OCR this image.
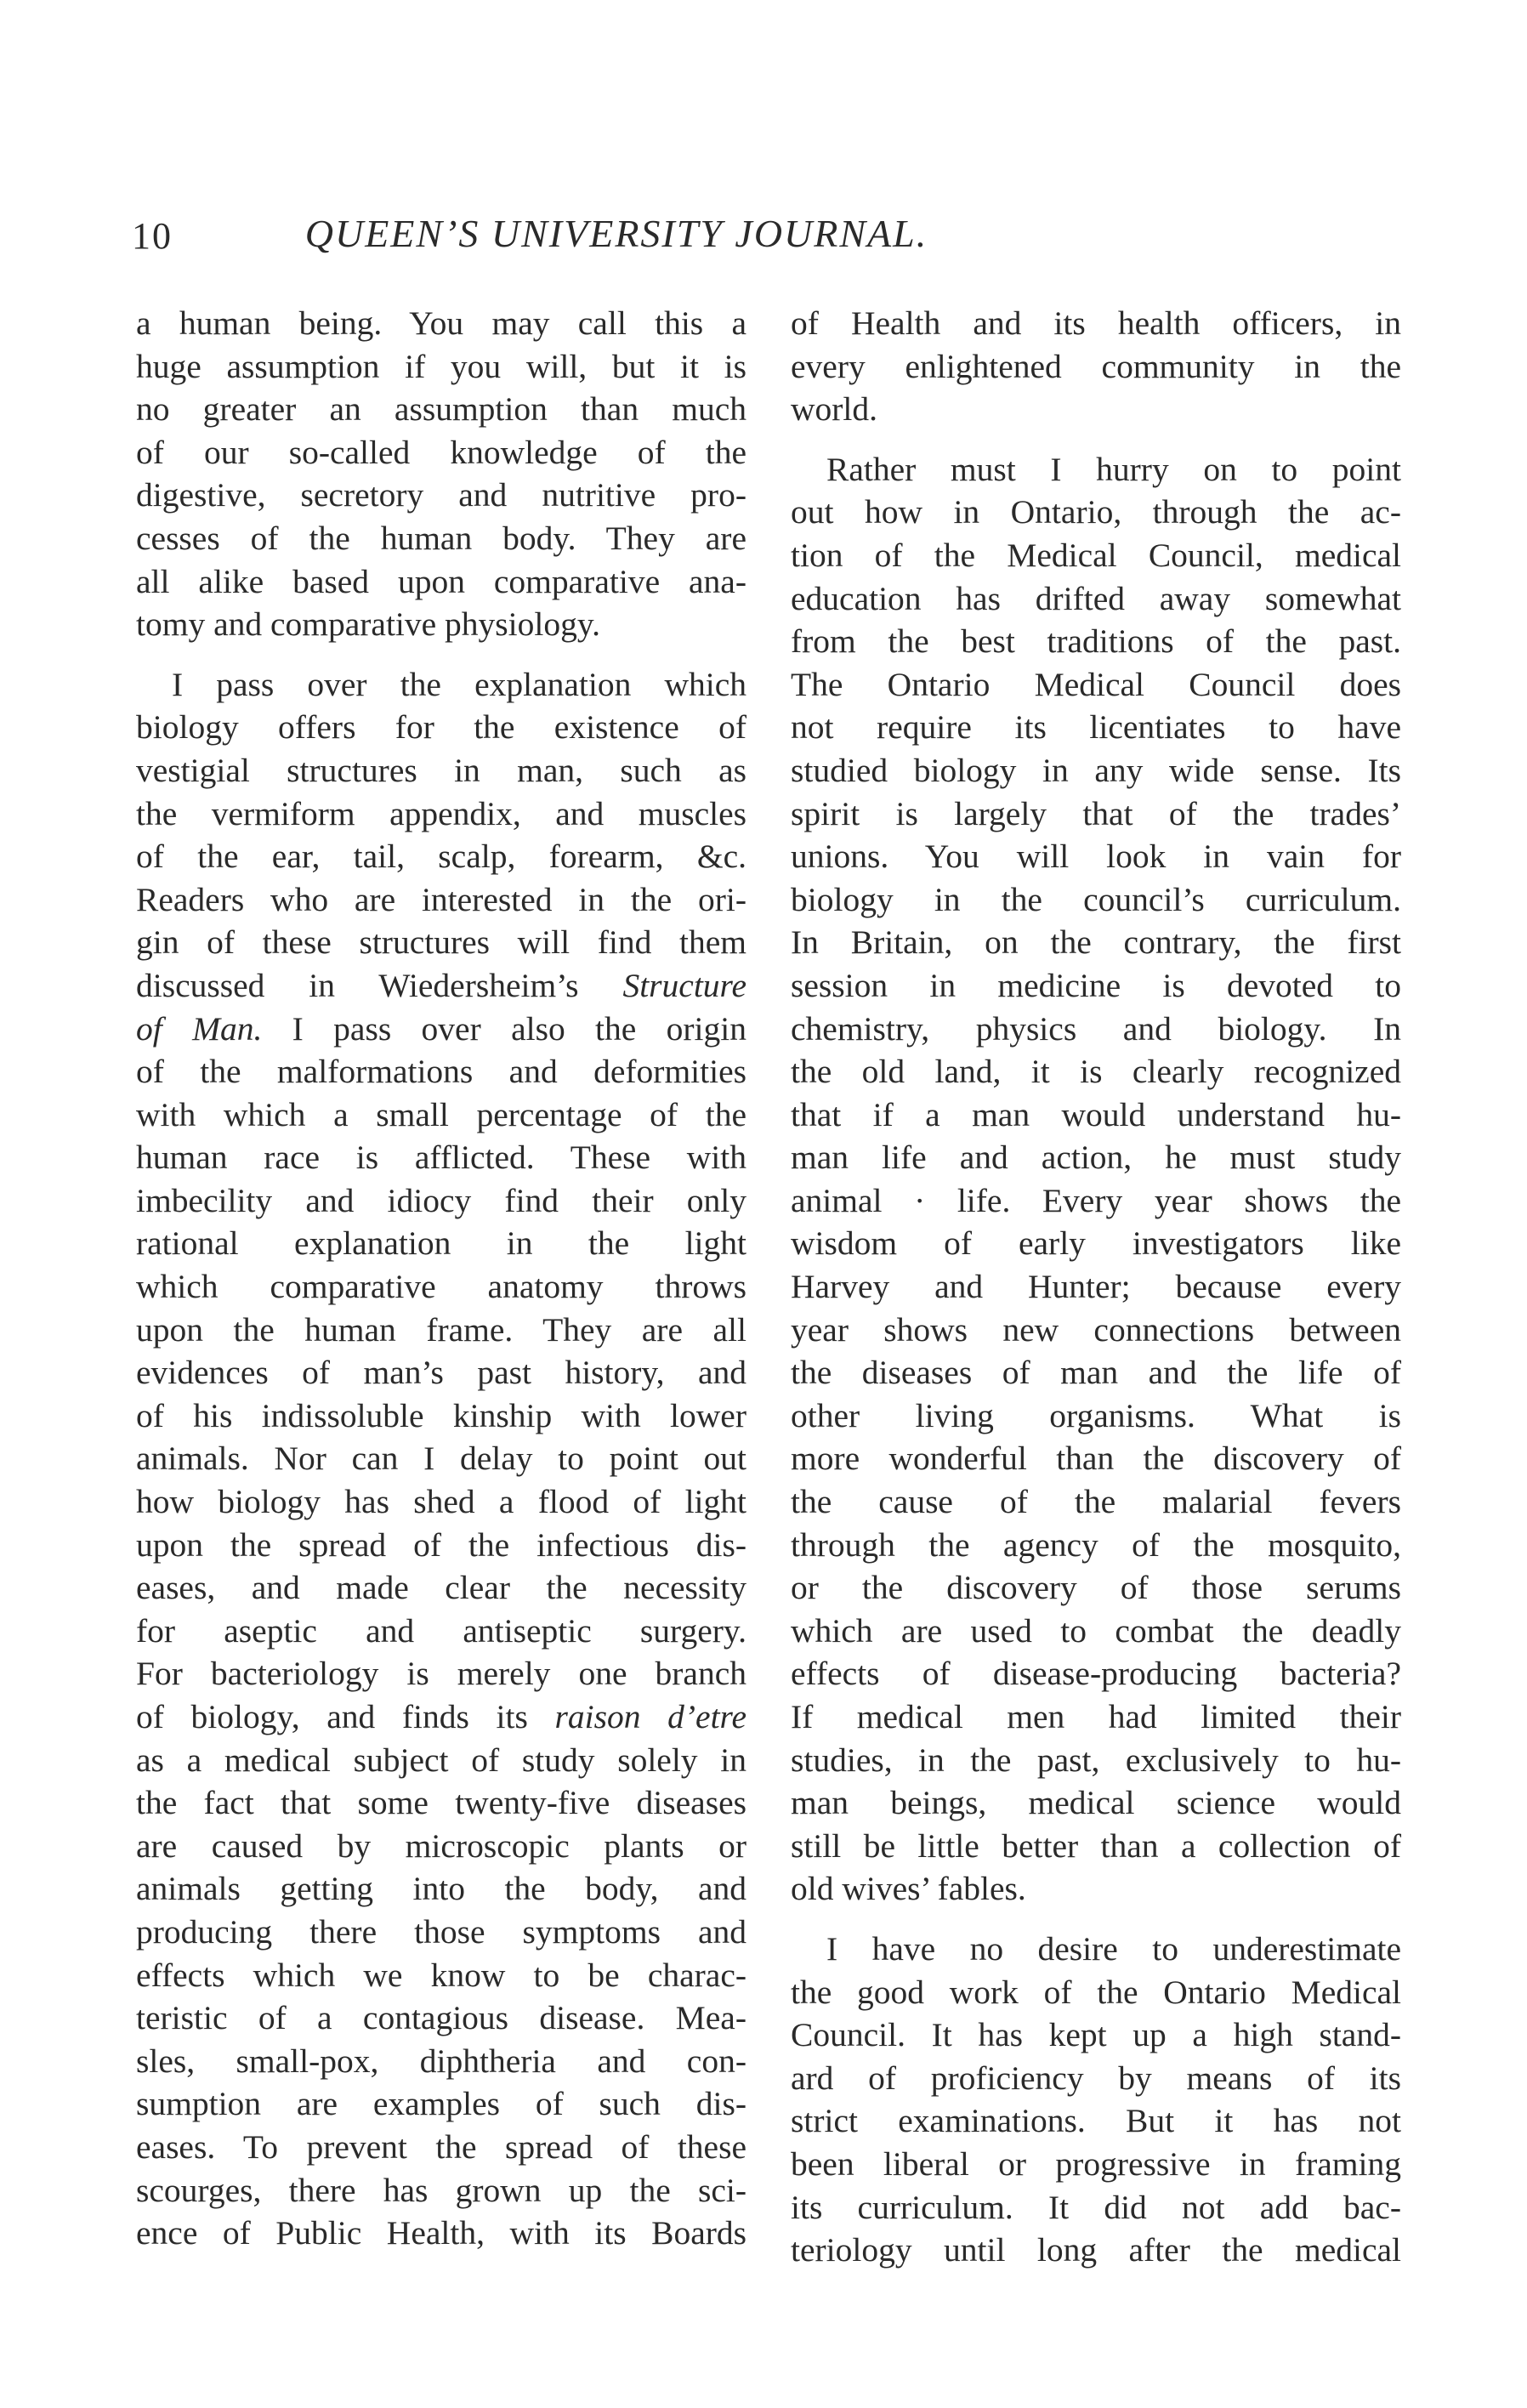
10	QUEEN’S UNIVERSITY JOURNAL.
a human being. You may call this a
huge assumption if you will, but it is
no greater an assumption than much
of our so-called knowledge of the
digestive, secretory and nutritive pro-
cesses of the human body. They are
all alike based upon comparative ana-
tomy and comparative physiology.
I pass over the explanation which
biology offers for the existence of
vestigial structures in man, such as
the vermiform appendix, and muscles
of the ear, tail, scalp, forearm, &c.
Readers who are interested in the ori-
gin of these structures will find them
discussed in Wiedersheim’s Structure
of Man. I pass over also the origin
of the malformations and deformities
with which a small percentage of the
human race is afflicted. These with
imbecility and idiocy find their only
rational explanation in the light
which comparative anatomy throws
upon the human frame. They are all
evidences of man’s past history, and
of his indissoluble kinship with lower
animals. Nor can I delay to point out
how biology has shed a flood of light
upon the spread of the infectious dis-
eases, and made clear the necessity
for aseptic and antiseptic surgery.
For bacteriology is merely one branch
of biology, and finds its raison d’etre
as a medical subject of study solely in
the fact that some twenty-five diseases
are caused by microscopic plants or
animals getting into the body, and
producing there those symptoms and
effects which we know to be charac-
teristic of a contagious disease. Mea-
sles, small-pox, diphtheria and con-
sumption are examples of such dis-
eases. To prevent the spread of these
scourges, there has grown up the sci-
ence of Public Health, with its Boards
of Health and its health officers, in
every enlightened community in the
world.
Rather must I hurry on to point
out how in Ontario, through the ac-
tion of the Medical Council, medical
education has drifted away somewhat
from the best traditions of the past.
The Ontario Medical Council does
not require its licentiates to have
studied biology in any wide sense. Its
spirit is largely that of the trades’
unions. You will look in vain for
biology in the council’s curriculum.
In Britain, on the contrary, the first
session in medicine is devoted to
chemistry, physics and biology. In
the old land, it is clearly recognized
that if a man would understand hu-
man life and action, he must study
animal · life. Every year shows the
wisdom of early investigators like
Harvey and Hunter; because every
year shows new connections between
the diseases of man and the life of
other living organisms. What is
more wonderful than the discovery of
the cause of the malarial fevers
through the agency of the mosquito,
or the discovery of those serums
which are used to combat the deadly
effects of disease-producing bacteria?
If medical men had limited their
studies, in the past, exclusively to hu-
man beings, medical science would
still be little better than a collection of
old wives’ fables.
I have no desire to underestimate
the good work of the Ontario Medical
Council. It has kept up a high stand-
ard of proficiency by means of its
strict examinations. But it has not
been liberal or progressive in framing
its curriculum. It did not add bac-
teriology until long after the medical
